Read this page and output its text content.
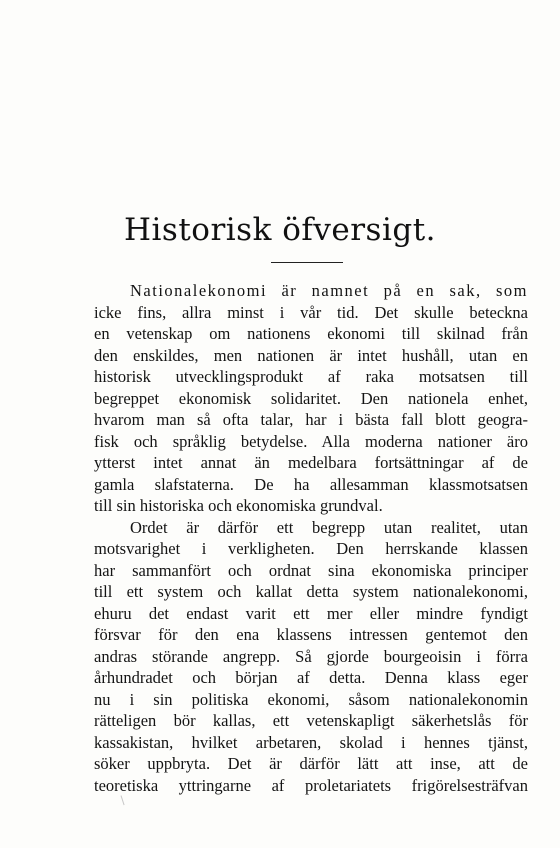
Historisk öfversigt.
Nationalekonomi är namnet på en sak, som
icke fins, allra minst i vår tid. Det skulle beteckna
en vetenskap om nationens ekonomi till skilnad från
den enskildes, men nationen är intet hushåll, utan en
historisk utvecklingsprodukt af raka motsatsen till
begreppet ekonomisk solidaritet. Den nationela enhet,
hvarom man så ofta talar, har i bästa fall blott geogra-
fisk och språklig betydelse. Alla moderna nationer äro
ytterst intet annat än medelbara fortsättningar af de
gamla slafstaterna. De ha allesamman klassmotsatsen
till sin historiska och ekonomiska grundval.
Ordet är därför ett begrepp utan realitet, utan
motsvarighet i verkligheten. Den herrskande klassen
har sammanfört och ordnat sina ekonomiska principer
till ett system och kallat detta system nationalekonomi,
ehuru det endast varit ett mer eller mindre fyndigt
försvar för den ena klassens intressen gentemot den
andras störande angrepp. Så gjorde bourgeoisin i förra
århundradet och början af detta. Denna klass eger
nu i sin politiska ekonomi, såsom nationalekonomin
rätteligen bör kallas, ett vetenskapligt säkerhetslås för
kassakistan, hvilket arbetaren, skolad i hennes tjänst,
söker uppbryta. Det är därför lätt att inse, att de
teoretiska yttringarne af proletariatets frigörelsesträfvan
